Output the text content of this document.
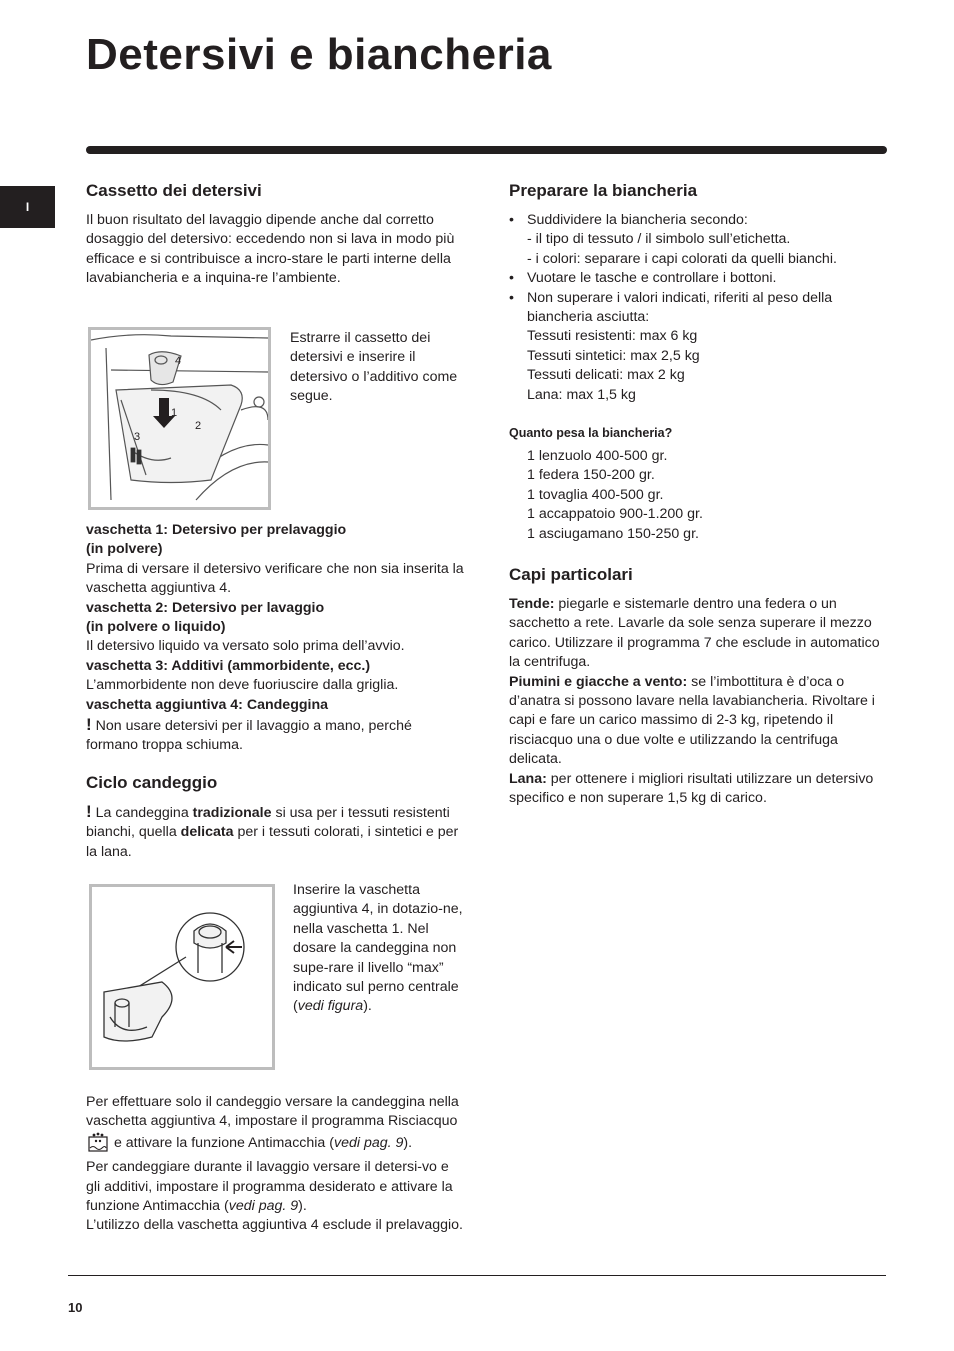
Detersivi e biancheria
I
Cassetto dei detersivi

Il buon risultato del lavaggio dipende anche dal corretto dosaggio del detersivo: eccedendo non si lava in modo più efficace e si contribuisce a incro-stare le parti interne della lavabiancheria e a inquina-re l’ambiente.

4
1
2
3
Estrarre il cassetto dei detersivi e inserire il detersivo o l’additivo come segue.

vaschetta 1: Detersivo per prelavaggio

(in polvere)

Prima di versare il detersivo verificare che non sia inserita la vaschetta aggiuntiva 4.

vaschetta 2: Detersivo per lavaggio

(in polvere o liquido)

Il detersivo liquido va versato solo prima dell’avvio.

vaschetta 3: Additivi (ammorbidente, ecc.)

L’ammorbidente non deve fuoriuscire dalla griglia.

vaschetta aggiuntiva 4: Candeggina

! Non usare detersivi per il lavaggio a mano, perché formano troppa schiuma.

Ciclo candeggio

! La candeggina tradizionale si usa per i tessuti resistenti bianchi, quella delicata per i tessuti colorati, i sintetici e per la lana.

Inserire la vaschetta aggiuntiva 4, in dotazio-ne, nella vaschetta 1. Nel dosare la candeggina non supe-rare il livello “max” indicato sul perno centrale (vedi figura).

Per effettuare solo il candeggio versare la candeggina nella vaschetta aggiuntiva 4, impostare il programma Risciacquo  e attivare la funzione Antimacchia (vedi pag. 9).

Per candeggiare durante il lavaggio versare il detersi-vo e gli additivi, impostare il programma desiderato e attivare la funzione Antimacchia (vedi pag. 9).

L’utilizzo della vaschetta aggiuntiva 4 esclude il prelavaggio.

Preparare la biancheria
• Suddividere la biancheria secondo:
- il tipo di tessuto / il simbolo sull’etichetta.
- i colori: separare i capi colorati da quelli bianchi.
• Vuotare le tasche e controllare i bottoni.
• Non superare i valori indicati, riferiti al peso della biancheria asciutta:
Tessuti resistenti: max 6 kg
Tessuti sintetici: max 2,5 kg
Tessuti delicati: max 2 kg
Lana: max 1,5 kg

Quanto pesa la biancheria?

1 lenzuolo 400-500 gr.
1 federa 150-200 gr.
1 tovaglia 400-500 gr.
1 accappatoio 900-1.200 gr.
1 asciugamano 150-250 gr.
Capi particolari

Tende: piegarle e sistemarle dentro una federa o un sacchetto a rete. Lavarle da sole senza superare il mezzo carico. Utilizzare il programma 7 che esclude in automatico la centrifuga.

Piumini e giacche a vento: se l’imbottitura è d’oca o d’anatra si possono lavare nella lavabiancheria. Rivoltare i capi e fare un carico massimo di 2-3 kg, ripetendo il risciacquo una o due volte e utilizzando la centrifuga delicata.

Lana: per ottenere i migliori risultati utilizzare un detersivo specifico e non superare 1,5 kg di carico.

10
